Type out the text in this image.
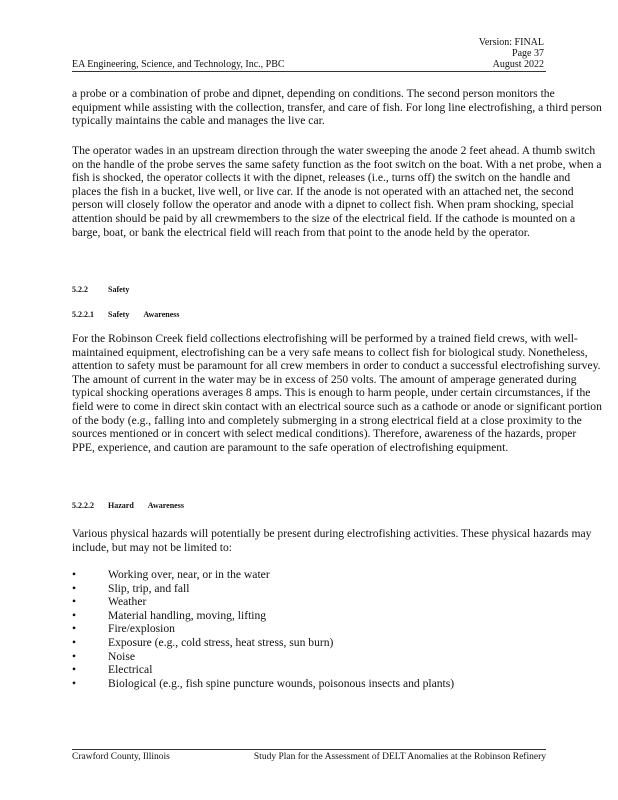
Version: FINAL
Page 37
August 2022
EA Engineering, Science, and Technology, Inc., PBC

a probe or a combination of probe and dipnet, depending on conditions. The second person monitors the equipment while assisting with the collection, transfer, and care of fish. For long line electrofishing, a third person typically maintains the cable and manages the live car.

The operator wades in an upstream direction through the water sweeping the anode 2 feet ahead. A thumb switch on the handle of the probe serves the same safety function as the foot switch on the boat. With a net probe, when a fish is shocked, the operator collects it with the dipnet, releases (i.e., turns off) the switch on the handle and places the fish in a bucket, live well, or live car. If the anode is not operated with an attached net, the second person will closely follow the operator and anode with a dipnet to collect fish. When pram shocking, special attention should be paid by all crewmembers to the size of the electrical field. If the cathode is mounted on a barge, boat, or bank the electrical field will reach from that point to the anode held by the operator.

5.2.2	Safety
5.2.2.1	Safety Awareness

For the Robinson Creek field collections electrofishing will be performed by a trained field crews, with well-maintained equipment, electrofishing can be a very safe means to collect fish for biological study. Nonetheless, attention to safety must be paramount for all crew members in order to conduct a successful electrofishing survey. The amount of current in the water may be in excess of 250 volts. The amount of amperage generated during typical shocking operations averages 8 amps. This is enough to harm people, under certain circumstances, if the field were to come in direct skin contact with an electrical source such as a cathode or anode or significant portion of the body (e.g., falling into and completely submerging in a strong electrical field at a close proximity to the sources mentioned or in concert with select medical conditions). Therefore, awareness of the hazards, proper PPE, experience, and caution are paramount to the safe operation of electrofishing equipment.

5.2.2.2	Hazard Awareness

Various physical hazards will potentially be present during electrofishing activities. These physical hazards may include, but may not be limited to:

•	Working over, near, or in the water
•	Slip, trip, and fall
•	Weather
•	Material handling, moving, lifting
•	Fire/explosion
•	Exposure (e.g., cold stress, heat stress, sun burn)
•	Noise
•	Electrical
•	Biological (e.g., fish spine puncture wounds, poisonous insects and plants)
Crawford County, Illinois	Study Plan for the Assessment of DELT Anomalies at the Robinson Refinery
